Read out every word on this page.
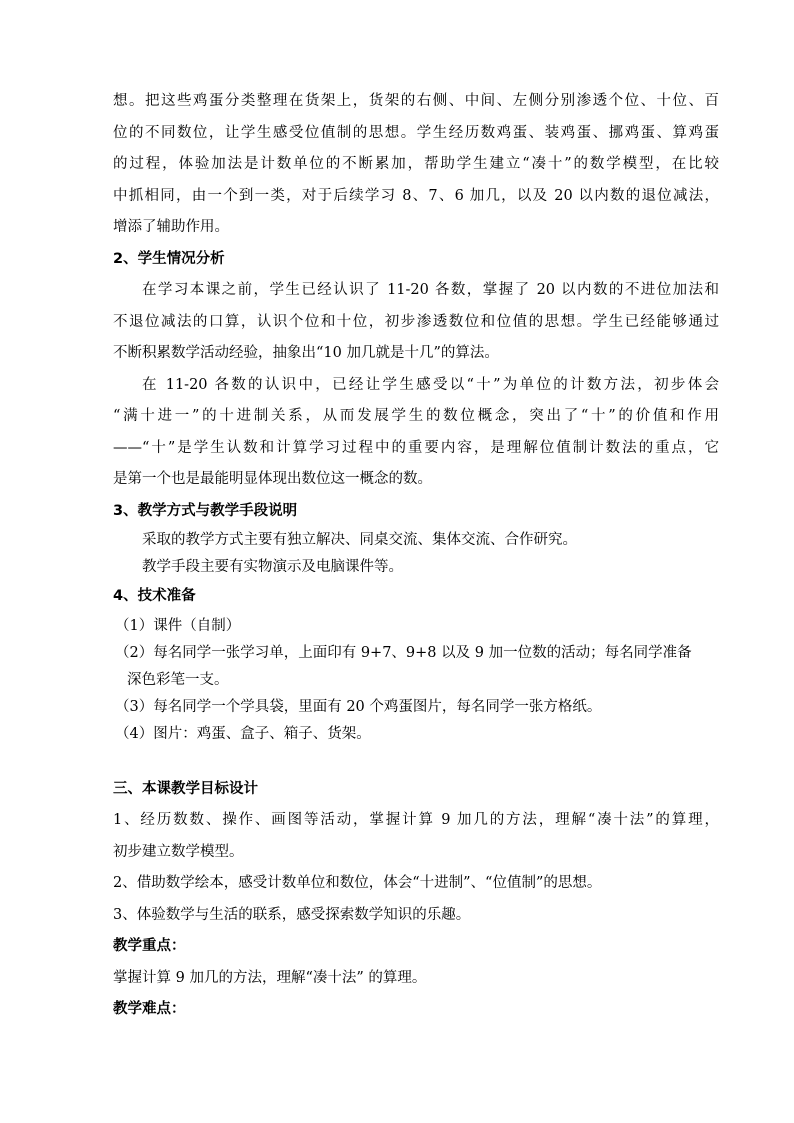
想。把这些鸡蛋分类整理在货架上，货架的右侧、中间、左侧分别渗透个位、十位、百
位的不同数位，让学生感受位值制的思想。学生经历数鸡蛋、装鸡蛋、挪鸡蛋、算鸡蛋
的过程，体验加法是计数单位的不断累加，帮助学生建立“凑十”的数学模型，在比较
中抓相同，由一个到一类，对于后续学习 8、7、6 加几，以及 20 以内数的退位减法，
增添了辅助作用。
2、学生情况分析
在学习本课之前，学生已经认识了 11-20 各数，掌握了 20 以内数的不进位加法和
不退位减法的口算，认识个位和十位，初步渗透数位和位值的思想。学生已经能够通过
不断积累数学活动经验，抽象出“10 加几就是十几”的算法。
在 11-20 各数的认识中，已经让学生感受以“十”为单位的计数方法，初步体会
“满十进一”的十进制关系，从而发展学生的数位概念，突出了“十”的价值和作用
——“十”是学生认数和计算学习过程中的重要内容，是理解位值制计数法的重点，它
是第一个也是最能明显体现出数位这一概念的数。
3、教学方式与教学手段说明
采取的教学方式主要有独立解决、同桌交流、集体交流、合作研究。
教学手段主要有实物演示及电脑课件等。
4、技术准备
（1）课件（自制）
（2）每名同学一张学习单，上面印有 9+7、9+8 以及 9 加一位数的活动；每名同学准备
深色彩笔一支。
（3）每名同学一个学具袋，里面有 20 个鸡蛋图片，每名同学一张方格纸。
（4）图片：鸡蛋、盒子、箱子、货架。
三、本课教学目标设计
1、经历数数、操作、画图等活动，掌握计算 9 加几的方法，理解“凑十法”的算理，
初步建立数学模型。
2、借助数学绘本，感受计数单位和数位，体会“十进制”、“位值制”的思想。
3、体验数学与生活的联系，感受探索数学知识的乐趣。
教学重点：
掌握计算 9 加几的方法，理解“凑十法” 的算理。
教学难点：
